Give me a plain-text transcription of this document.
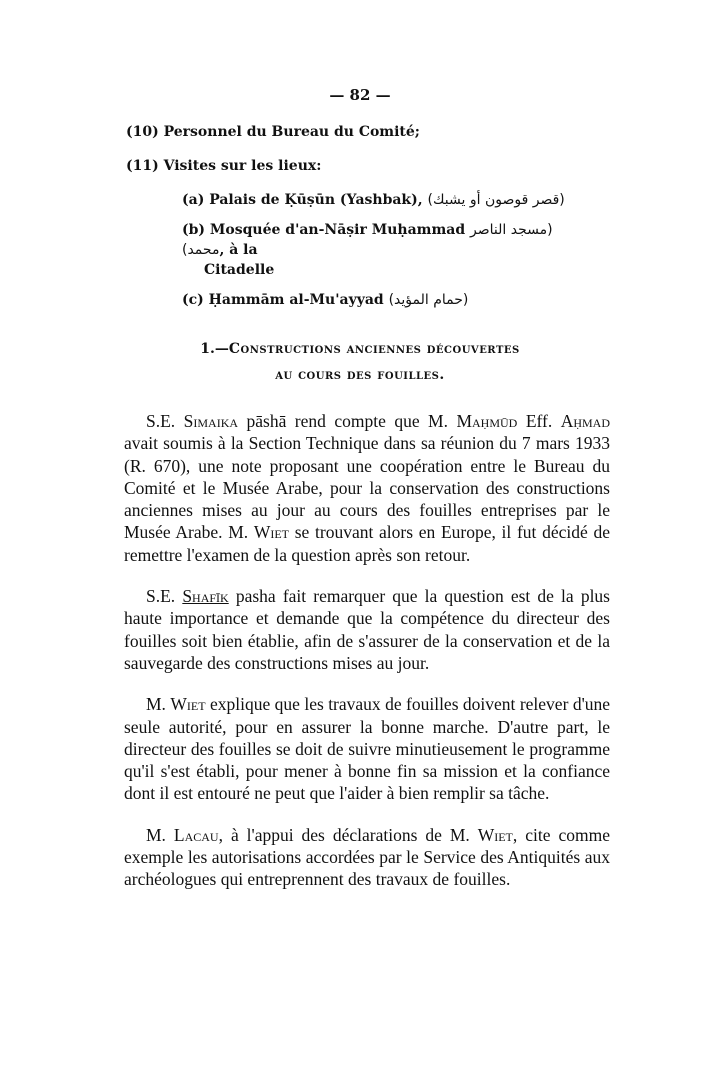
— 82 —
(10) Personnel du Bureau du Comité;
(11) Visites sur les lieux:
(a) Palais de Ḳūṣūn (Yashbak), (قصر قوصون أو يشبك)
(b) Mosquée d'an-Nāṣir Muḥammad (مسجد الناصر محمد), à la
Citadelle
(c) Ḥammām al-Mu'ayyad (حمام المؤيد)
1.—Constructions anciennes découvertes
au cours des fouilles.

S.E. Simaika pāshā rend compte que M. Maḥmūd Eff. Aḥmad avait soumis à la Section Technique dans sa réunion du 7 mars 1933 (R. 670), une note proposant une coopération entre le Bureau du Comité et le Musée Arabe, pour la conservation des constructions anciennes mises au jour au cours des fouilles entreprises par le Musée Arabe. M. Wiet se trouvant alors en Europe, il fut décidé de remettre l'examen de la question après son retour.

S.E. Shafīk pasha fait remarquer que la question est de la plus haute importance et demande que la compétence du directeur des fouilles soit bien établie, afin de s'assurer de la conservation et de la sauvegarde des constructions mises au jour.

M. Wiet explique que les travaux de fouilles doivent relever d'une seule autorité, pour en assurer la bonne marche. D'autre part, le directeur des fouilles se doit de suivre minutieusement le programme qu'il s'est établi, pour mener à bonne fin sa mission et la confiance dont il est entouré ne peut que l'aider à bien remplir sa tâche.

M. Lacau, à l'appui des déclarations de M. Wiet, cite comme exemple les autorisations accordées par le Service des Antiquités aux archéologues qui entreprennent des travaux de fouilles.
